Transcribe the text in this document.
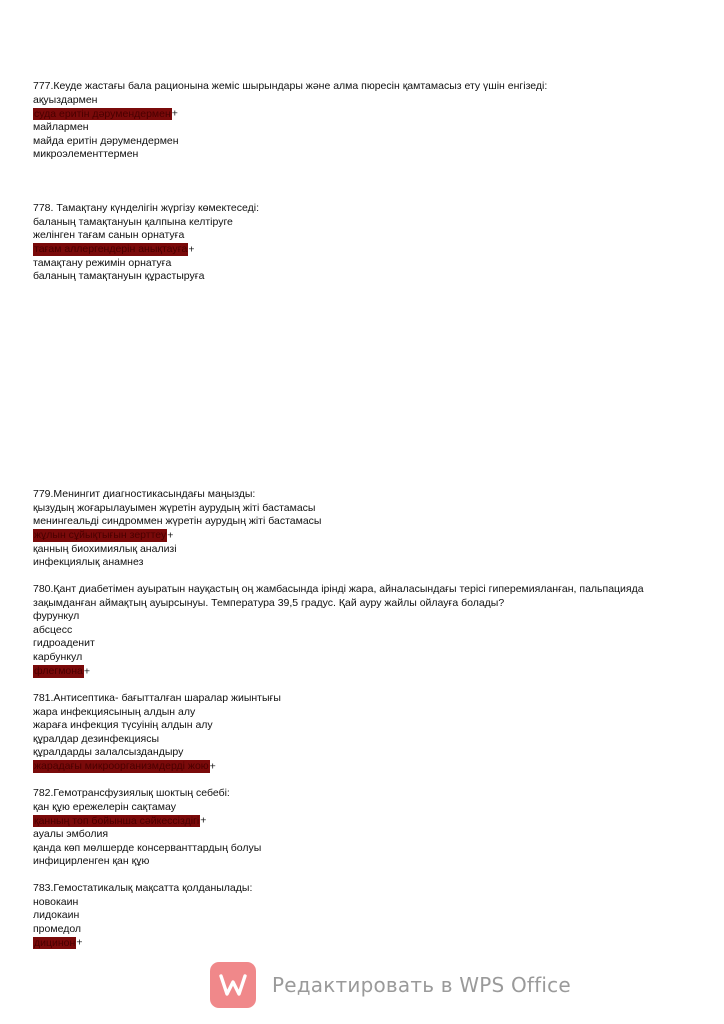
777.Кеуде жастағы бала рационына жеміс шырындары және алма пюресін қамтамасыз ету үшін енгізеді:
ақуыздармен
суда еритін дәрумендермен+
майлармен
майда еритін дәрумендермен
микроэлементтермен
778. Тамақтану күнделігін жүргізу көмектеседі:
баланың тамақтануын қалпына келтіруге
желінген тағам санын орнатуға
тағам аллергендерін анықтауға+
тамақтану режимін орнатуға
баланың тамақтануын құрастыруға
779.Менингит диагностикасындағы маңызды:
қызудың жоғарылауымен жүретін аурудың жіті бастамасы
менингеальді синдроммен жүретін аурудың жіті бастамасы
жұлын сұйықтығын зерттеу+
қанның биохимиялық анализі
инфекциялық анамнез
780.Қант диабетімен ауыратын науқастың оң жамбасында ірінді жара, айналасындағы терісі гиперемияланған, пальпацияда зақымданған аймақтың ауырсынуы. Температура 39,5 градус. Қай ауру жайлы ойлауға болады?
фурункул
абсцесс
гидроаденит
карбункул
флегмона+
781.Антисептика- бағытталған шаралар жиынтығы
жара инфекциясының алдын алу
жараға инфекция түсуінің алдын алу
құралдар дезинфекциясы
құралдарды залалсыздандыру
жарадағы микроорганизмдерді жою+
782.Гемотрансфузиялық шоктың себебі:
қан құю ережелерін сақтамау
қанның топ бойынша сәйкессіздігі+
ауалы эмболия
қанда көп мөлшерде консерванттардың болуы
инфицирленген қан құю
783.Гемостатикалық мақсатта қолданылады:
новокаин
лидокаин
промедол
дицинон+
Редактировать в WPS Office
